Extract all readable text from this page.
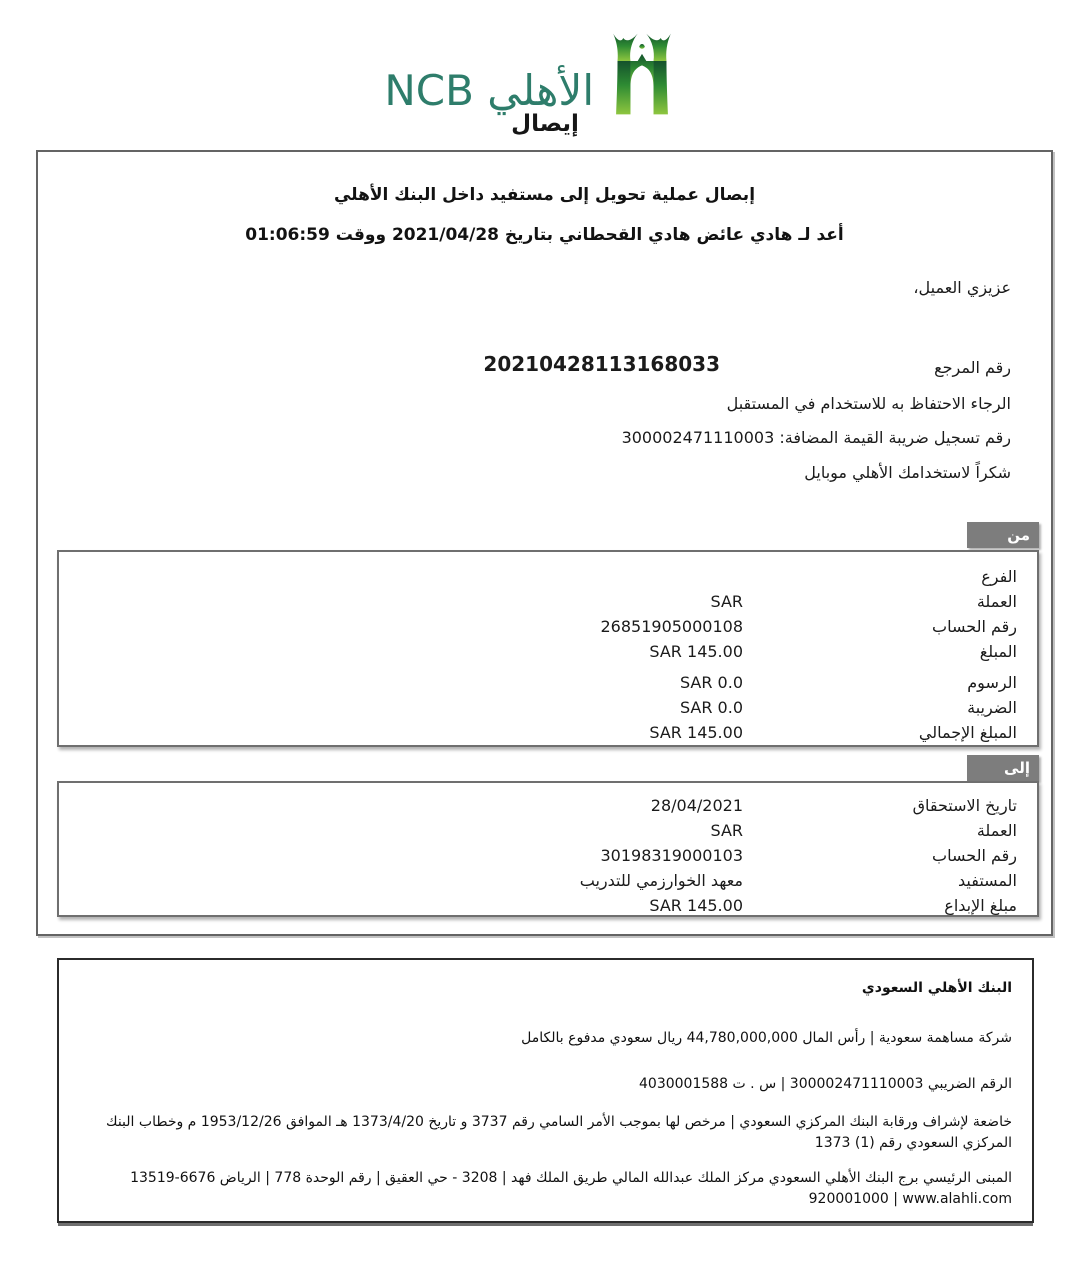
الأهلي NCB
إيصال
إبصال عملية تحويل إلى مستفيد داخل البنك الأهلي
أعد لـ هادي عائض هادي القحطاني بتاريخ 2021/04/28 ووقت 01:06:59
عزيزي العميل،
رقم المرجع
20210428113168033
الرجاء الاحتفاظ به للاستخدام في المستقبل
رقم تسجيل ضريبة القيمة المضافة: 300002471110003
شكراً لاستخدامك الأهلي موبايل
من
الفرع
العملة
SAR
رقم الحساب
26851905000108
المبلغ
145.00 SAR
الرسوم
0.0 SAR
الضريبة
0.0 SAR
المبلغ الإجمالي
145.00 SAR
إلى
تاريخ الاستحقاق
28/04/2021
العملة
SAR
رقم الحساب
30198319000103
المستفيد
معهد الخوارزمي للتدريب
مبلغ الإبداع
145.00 SAR
البنك الأهلي السعودي
شركة مساهمة سعودية | رأس المال 44,780,000,000 ريال سعودي مدفوع بالكامل
الرقم الضريبي 300002471110003 | س . ت 4030001588
خاضعة لإشراف ورقابة البنك المركزي السعودي | مرخص لها بموجب الأمر السامي رقم 3737 و تاريخ 1373/4/20 هـ الموافق 1953/12/26 م وخطاب البنك المركزي السعودي رقم (1) 1373
المبنى الرئيسي برج البنك الأهلي السعودي مركز الملك عبدالله المالي طريق الملك فهد | 3208 - حي العقيق | رقم الوحدة 778 | الرياض 6676-13519
920001000 | www.alahli.com
